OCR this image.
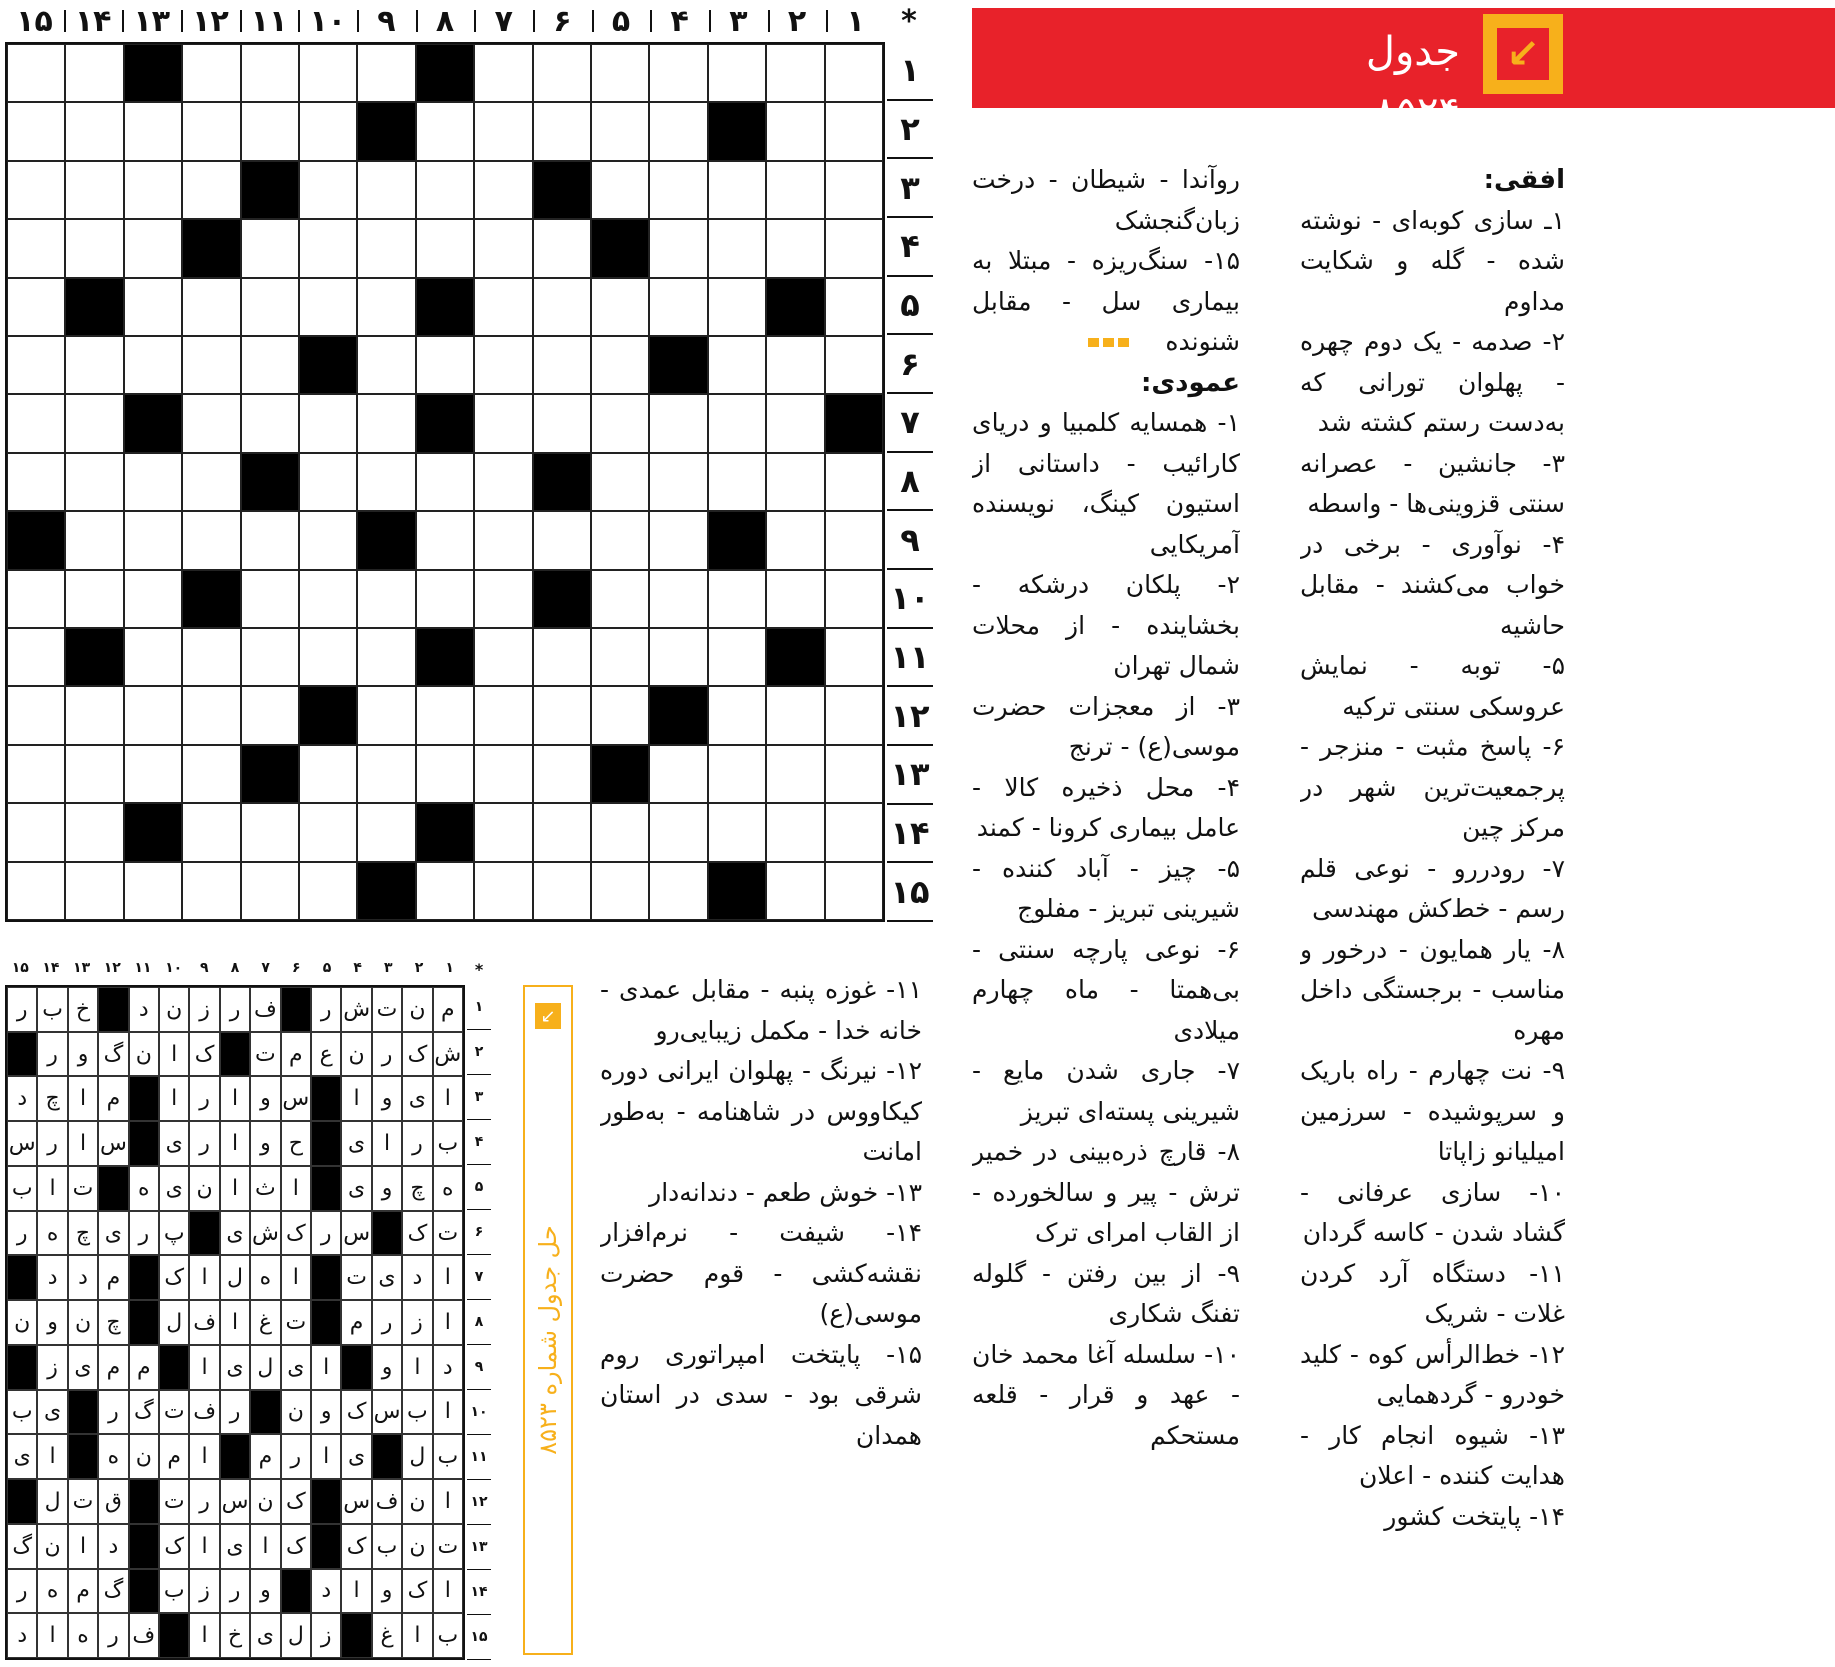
جدول ۸۵۲۴
↙
۱
۲
۳
۴
۵
۶
۷
۸
۹
۱۰
۱۱
۱۲
۱۳
۱۴
۱۵	*
۱
۲
۳
۴
۵
۶
۷
۸
۹
۱۰
۱۱
۱۲
۱۳
۱۴
۱۵

افقی:

۱ـ سازی کوبه‌ای - نوشته شده - گله و شکایت مداوم

۲- صدمه - یک دوم چهره - پهلوان تورانی که به‌دست رستم کشته شد

۳- جانشین - عصرانه سنتی قزوینی‌ها - واسطه

۴- نوآوری - برخی در خواب می‌کشند - مقابل حاشیه

۵- توبه - نمایش عروسکی سنتی ترکیه

۶- پاسخ مثبت - منزجر - پرجمعیت‌ترین شهر در مرکز چین

۷- رودررو - نوعی قلم رسم - خط‌کش مهندسی

۸- یار همایون - درخور و مناسب - برجستگی داخل مهره

۹- نت چهارم - راه باریک و سرپوشیده - سرزمین امیلیانو زاپاتا

۱۰- سازی عرفانی - گشاد شدن - کاسه گردان

۱۱- دستگاه آرد کردن غلات - شریک

۱۲- خط‌الرأس کوه - کلید خودرو - گردهمایی

۱۳- شیوه انجام کار - هدایت کننده - اعلان

۱۴- پایتخت کشور

روآندا - شیطان - درخت زبان‌گنجشک

۱۵- سنگ‌ریزه - مبتلا به بیماری سل - مقابل شنونده

عمودی:

۱- همسایه کلمبیا و دریای کارائیب - داستانی از استیون کینگ، نویسنده آمریکایی

۲- پلکان درشکه - بخشاینده - از محلات شمال تهران

۳- از معجزات حضرت موسی(ع) - ترنج

۴- محل ذخیره کالا - عامل بیماری کرونا - کمند

۵- چیز - آباد کننده - شیرینی تبریز - مفلوج

۶- نوعی پارچه سنتی - بی‌همتا - ماه چهارم میلادی

۷- جاری شدن مایع - شیرینی پسته‌ای تبریز

۸- قارچ ذره‌بینی در خمیر ترش - پیر و سالخورده - از القاب امرای ترک

۹- از بین رفتن - گلوله تفنگ شکاری

۱۰- سلسله آغا محمد خان - عهد و قرار - قلعه مستحکم

۱۱- غوزه پنبه - مقابل عمدی - خانه خدا - مکمل زیبایی‌رو

۱۲- نیرنگ - پهلوان ایرانی دوره کیکاووس در شاهنامه - به‌طور امانت

۱۳- خوش طعم - دندانه‌دار

۱۴- شیفت - نرم‌افزار نقشه‌کشی - قوم حضرت موسی(ع)

۱۵- پایتخت امپراتوری روم شرقی بود - سدی در استان همدان

↙
حل جدول شماره ۸۵۲۳
۱
۲
۳
۴
۵
۶
۷
۸
۹
۱۰
۱۱
۱۲
۱۳
۱۴
۱۵	*
م
ن
ت
ش
ر
ف
ر
ز
ن
د
خ
ب
ر
ش
ک
ر
ن
ع
م
ت
ک
ا
ن
گ
و
ر
ا
ی
و
ا
س
و
ا
ر
ا
م
ا
چ
د
ب
ر
ا
ی
ح
و
ا
ر
ی
س
ا
ر
س
ه
چ
و
ی
ا
ث
ا
ن
ی
ه
ت
ا
ب
ت
ک
س
ر
ک
ش
ی
پ
ر
ی
چ
ه
ر
ا
د
ی
ت
ا
ه
ل
ا
ک
م
د
د
ا
ز
ر
م
ت
غ
ا
ف
ل
چ
ن
و
ن
د
ا
و
ا
ی
ل
ی
ا
م
م
ی
ز
ا
ب
س
ک
و
ن
ر
ف
ت
گ
ر
ی
ب
ب
ل
ی
ا
ر
م
ا
م
ن
ه
ا
ی
ا
ن
ف
س
ک
ن
س
ر
ت
ق
ت
ل
ت
ن
ب
ک
ک
ا
ی
ا
ک
د
ا
ن
گ
ا
ک
و
ا
د
و
ر
ز
ب
گ
م
ه
ر
ب
ا
غ
ز
ل
ی
خ
ا
ف
ر
ه
ا
د
۱
۲
۳
۴
۵
۶
۷
۸
۹
۱۰
۱۱
۱۲
۱۳
۱۴
۱۵
